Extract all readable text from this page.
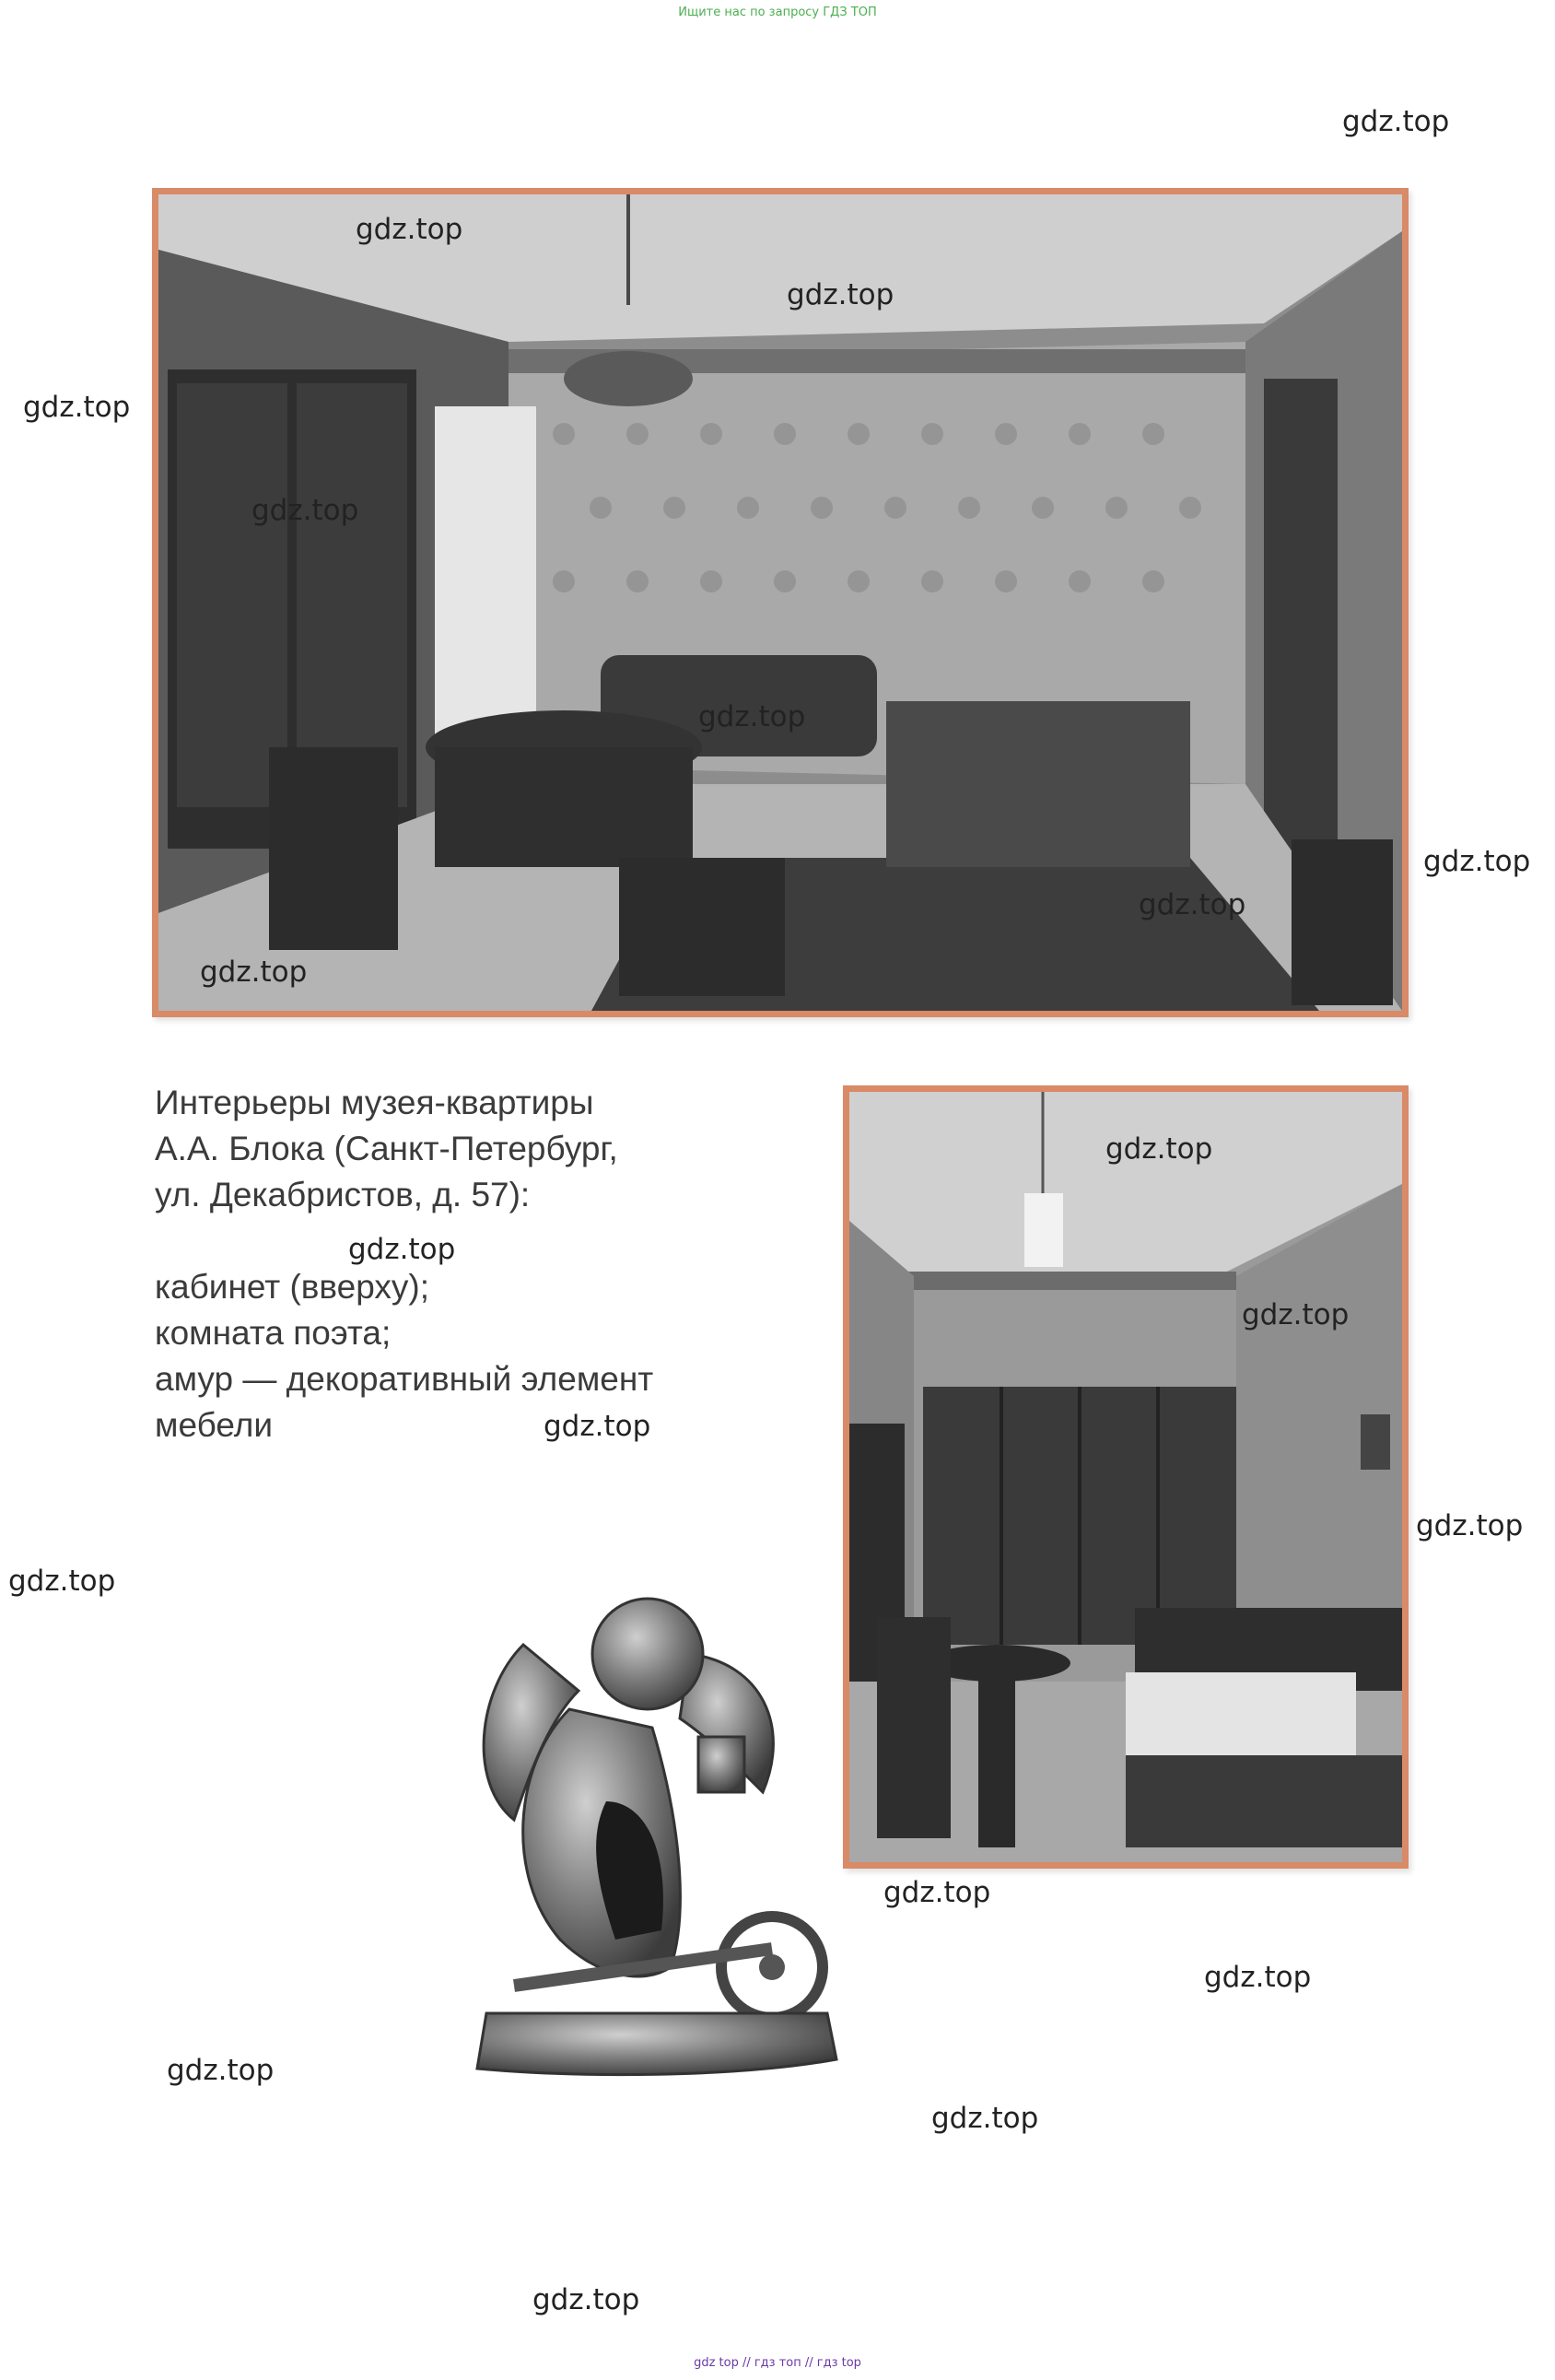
Ищите нас по запросу ГДЗ ТОП
Интерьеры музея-квартиры
А.А. Блока (Санкт-Петербург,
ул. Декабристов, д. 57):
кабинет (вверху);
комната поэта;
амур — декоративный элемент
мебели
gdz.top
gdz.top
gdz.top
gdz.top
gdz.top
gdz.top
gdz.top
gdz.top
gdz.top
gdz.top
gdz.top
gdz.top
gdz.top
gdz.top
gdz.top
gdz.top
gdz.top
gdz.top
gdz.top
gdz.top
gdz top // гдз топ // гдз top
